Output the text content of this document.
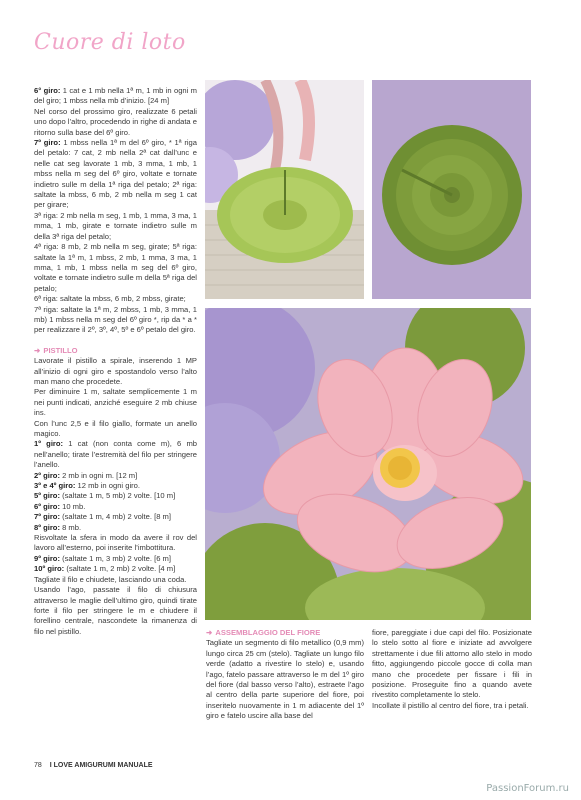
Cuore di loto

6° giro: 1 cat e 1 mb nella 1ª m, 1 mb in ogni m del giro; 1 mbss nella mb d’inizio. [24 m]

Nel corso del prossimo giro, realizzate 6 petali uno dopo l’altro, procedendo in righe di andata e ritorno sulla base del 6º giro.

7º giro: 1 mbss nella 1ª m del 6º giro, * 1ª riga del petalo: 7 cat, 2 mb nella 2ª cat dall’unc e nelle cat seg lavorate 1 mb, 3 mma, 1 mb, 1 mbss nella m seg del 6º giro, voltate e tornate indietro sulle m della 1ª riga del petalo; 2ª riga: saltate la mbss, 6 mb, 2 mb nella m seg 1 cat per girare;

3ª riga: 2 mb nella m seg, 1 mb, 1 mma, 3 ma, 1 mma, 1 mb, girate e tornate indietro sulle m della 3ª riga del petalo;

4ª riga: 8 mb, 2 mb nella m seg, girate; 5ª riga: saltate la 1ª m, 1 mbss, 2 mb, 1 mma, 3 ma, 1 mma, 1 mb, 1 mbss nella m seg del 6º giro, voltate e tornate indietro sulle m della 5ª riga del petalo;

6ª riga: saltate la mbss, 6 mb, 2 mbss, girate;

7ª riga: saltate la 1ª m, 2 mbss, 1 mb, 3 mma, 1 mb) 1 mbss nella m seg del 6º giro *, rip da * a * per realizzare il 2º, 3º, 4º, 5º e 6º petalo del giro.

➜ PISTILLO

Lavorate il pistillo a spirale, inserendo 1 MP all’inizio di ogni giro e spostandolo verso l’alto man mano che procedete.

Per diminuire 1 m, saltate semplicemente 1 m nei punti indicati, anziché eseguire 2 mb chiuse ins.

Con l’unc 2,5 e il filo giallo, formate un anello magico.

1º giro: 1 cat (non conta come m), 6 mb nell’anello; tirate l’estremità del filo per stringere l’anello.

2º giro: 2 mb in ogni m. [12 m]

3º e 4º giro: 12 mb in ogni giro.

5º giro: (saltate 1 m, 5 mb) 2 volte. [10 m]

6º giro: 10 mb.

7º giro: (saltate 1 m, 4 mb) 2 volte. [8 m]

8º giro: 8 mb.

Risvoltate la sfera in modo da avere il rov del lavoro all’esterno, poi inserite l’imbottitura.

9º giro: (saltate 1 m, 3 mb) 2 volte. [6 m]

10º giro: (saltate 1 m, 2 mb) 2 volte. [4 m]

Tagliate il filo e chiudete, lasciando una coda.

Usando l’ago, passate il filo di chiusura attraverso le maglie dell’ultimo giro, quindi tirate forte il filo per stringere le m e chiudere il forellino centrale, nascondete la rimanenza di filo nel pistillo.	➜ ASSEMBLAGGIO DEL FIORE

Tagliate un segmento di filo metallico (0,9 mm) lungo circa 25 cm (stelo). Tagliate un lungo filo verde (adatto a rivestire lo stelo) e, usando l’ago, fatelo passare attraverso le m del 1º giro del fiore (dal basso verso l’alto), estraete l’ago al centro della parte superiore del fiore, poi inseritelo nuovamente in 1 m adiacente del 1º giro e fatelo uscire alla base del

fiore, pareggiate i due capi del filo. Posizionate lo stelo sotto al fiore e iniziate ad avvolgere strettamente i due fili attorno allo stelo in modo fitto, aggiungendo piccole gocce di colla man mano che procedete per fissare i fili in posizione. Proseguite fino a quando avete rivestito completamente lo stelo.

Incollate il pistillo al centro del fiore, tra i petali.

78 I LOVE AMIGURUMI MANUALE
PassionForum.ru
